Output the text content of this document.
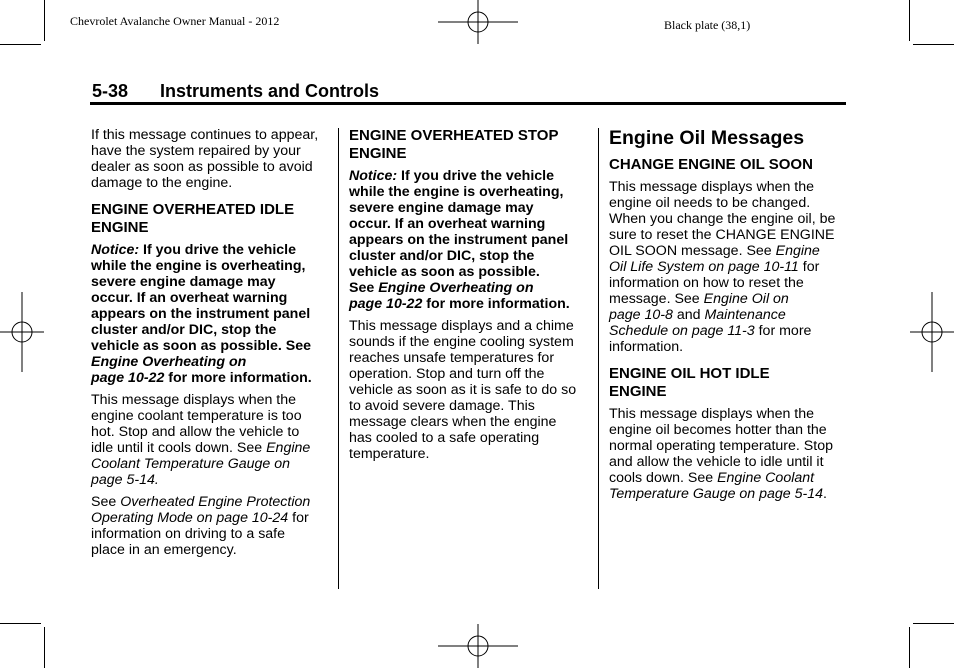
Chevrolet Avalanche Owner Manual - 2012	Black plate (38,1)
5-38 Instruments and Controls

If this message continues to appear,
have the system repaired by your
dealer as soon as possible to avoid
damage to the engine.

ENGINE OVERHEATED IDLE
ENGINE

Notice: If you drive the vehicle
while the engine is overheating,
severe engine damage may
occur. If an overheat warning
appears on the instrument panel
cluster and/or DIC, stop the
vehicle as soon as possible. See
Engine Overheating on
page 10-22 for more information.

This message displays when the
engine coolant temperature is too
hot. Stop and allow the vehicle to
idle until it cools down. See Engine
Coolant Temperature Gauge on
page 5-14.

See Overheated Engine Protection
Operating Mode on page 10-24 for
information on driving to a safe
place in an emergency.

ENGINE OVERHEATED STOP
ENGINE

Notice: If you drive the vehicle
while the engine is overheating,
severe engine damage may
occur. If an overheat warning
appears on the instrument panel
cluster and/or DIC, stop the
vehicle as soon as possible.
See Engine Overheating on
page 10-22 for more information.

This message displays and a chime
sounds if the engine cooling system
reaches unsafe temperatures for
operation. Stop and turn off the
vehicle as soon as it is safe to do so
to avoid severe damage. This
message clears when the engine
has cooled to a safe operating
temperature.

Engine Oil Messages
CHANGE ENGINE OIL SOON

This message displays when the
engine oil needs to be changed.
When you change the engine oil, be
sure to reset the CHANGE ENGINE
OIL SOON message. See Engine
Oil Life System on page 10-11 for
information on how to reset the
message. See Engine Oil on
page 10-8 and Maintenance
Schedule on page 11-3 for more
information.

ENGINE OIL HOT IDLE
ENGINE

This message displays when the
engine oil becomes hotter than the
normal operating temperature. Stop
and allow the vehicle to idle until it
cools down. See Engine Coolant
Temperature Gauge on page 5-14.
